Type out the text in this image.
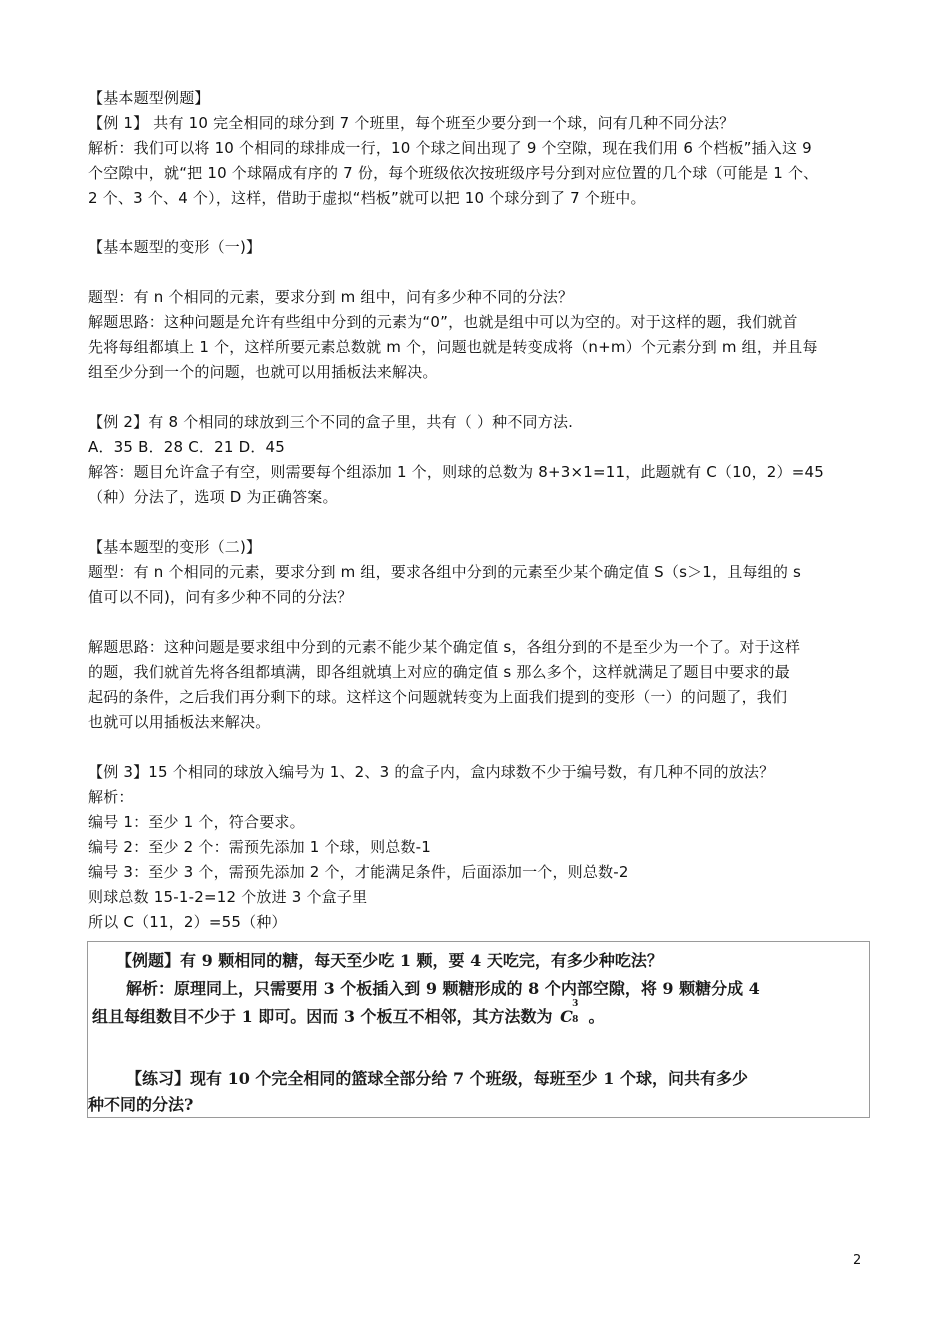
【基本题型例题】
【例 1】 共有 10 完全相同的球分到 7 个班里，每个班至少要分到一个球，问有几种不同分法？
解析：我们可以将 10 个相同的球排成一行，10 个球之间出现了 9 个空隙，现在我们用 6 个档板”插入这 9
个空隙中，就“把 10 个球隔成有序的 7 份，每个班级依次按班级序号分到对应位置的几个球（可能是 1 个、
2 个、3 个、4 个），这样，借助于虚拟“档板”就可以把 10 个球分到了 7 个班中。
【基本题型的变形（一)】
题型：有 n 个相同的元素，要求分到 m 组中，问有多少种不同的分法？
解题思路：这种问题是允许有些组中分到的元素为“0”，也就是组中可以为空的。对于这样的题，我们就首
先将每组都填上 1 个，这样所要元素总数就 m 个，问题也就是转变成将（n+m）个元素分到 m 组，并且每
组至少分到一个的问题，也就可以用插板法来解决。
【例 2】有 8 个相同的球放到三个不同的盒子里，共有（ ）种不同方法.
A．35 B．28 C．21 D．45
解答：题目允许盒子有空，则需要每个组添加 1 个，则球的总数为 8+3×1=11，此题就有 C（10，2）=45
（种）分法了，选项 D 为正确答案。
【基本题型的变形（二)】
题型：有 n 个相同的元素，要求分到 m 组，要求各组中分到的元素至少某个确定值 S（s＞1，且每组的 s
值可以不同)，问有多少种不同的分法？
解题思路：这种问题是要求组中分到的元素不能少某个确定值 s，各组分到的不是至少为一个了。对于这样
的题，我们就首先将各组都填满，即各组就填上对应的确定值 s 那么多个，这样就满足了题目中要求的最
起码的条件，之后我们再分剩下的球。这样这个问题就转变为上面我们提到的变形（一）的问题了，我们
也就可以用插板法来解决。
【例 3】15 个相同的球放入编号为 1、2、3 的盒子内，盒内球数不少于编号数，有几种不同的放法？
解析：
编号 1：至少 1 个，符合要求。
编号 2：至少 2 个：需预先添加 1 个球，则总数-1
编号 3：至少 3 个，需预先添加 2 个，才能满足条件，后面添加一个，则总数-2
则球总数 15-1-2=12 个放进 3 个盒子里
所以 C（11，2）=55（种）
【例题】有 9 颗相同的糖，每天至少吃 1 颗，要 4 天吃完，有多少种吃法？
解析：原理同上，只需要用 3 个板插入到 9 颗糖形成的 8 个内部空隙，将 9 颗糖分成 4
组且每组数目不少于 1 即可。因而 3 个板互不相邻，其方法数为 C
3
8 。
【练习】现有 10 个完全相同的篮球全部分给 7 个班级，每班至少 1 个球，问共有多少
种不同的分法?
2
